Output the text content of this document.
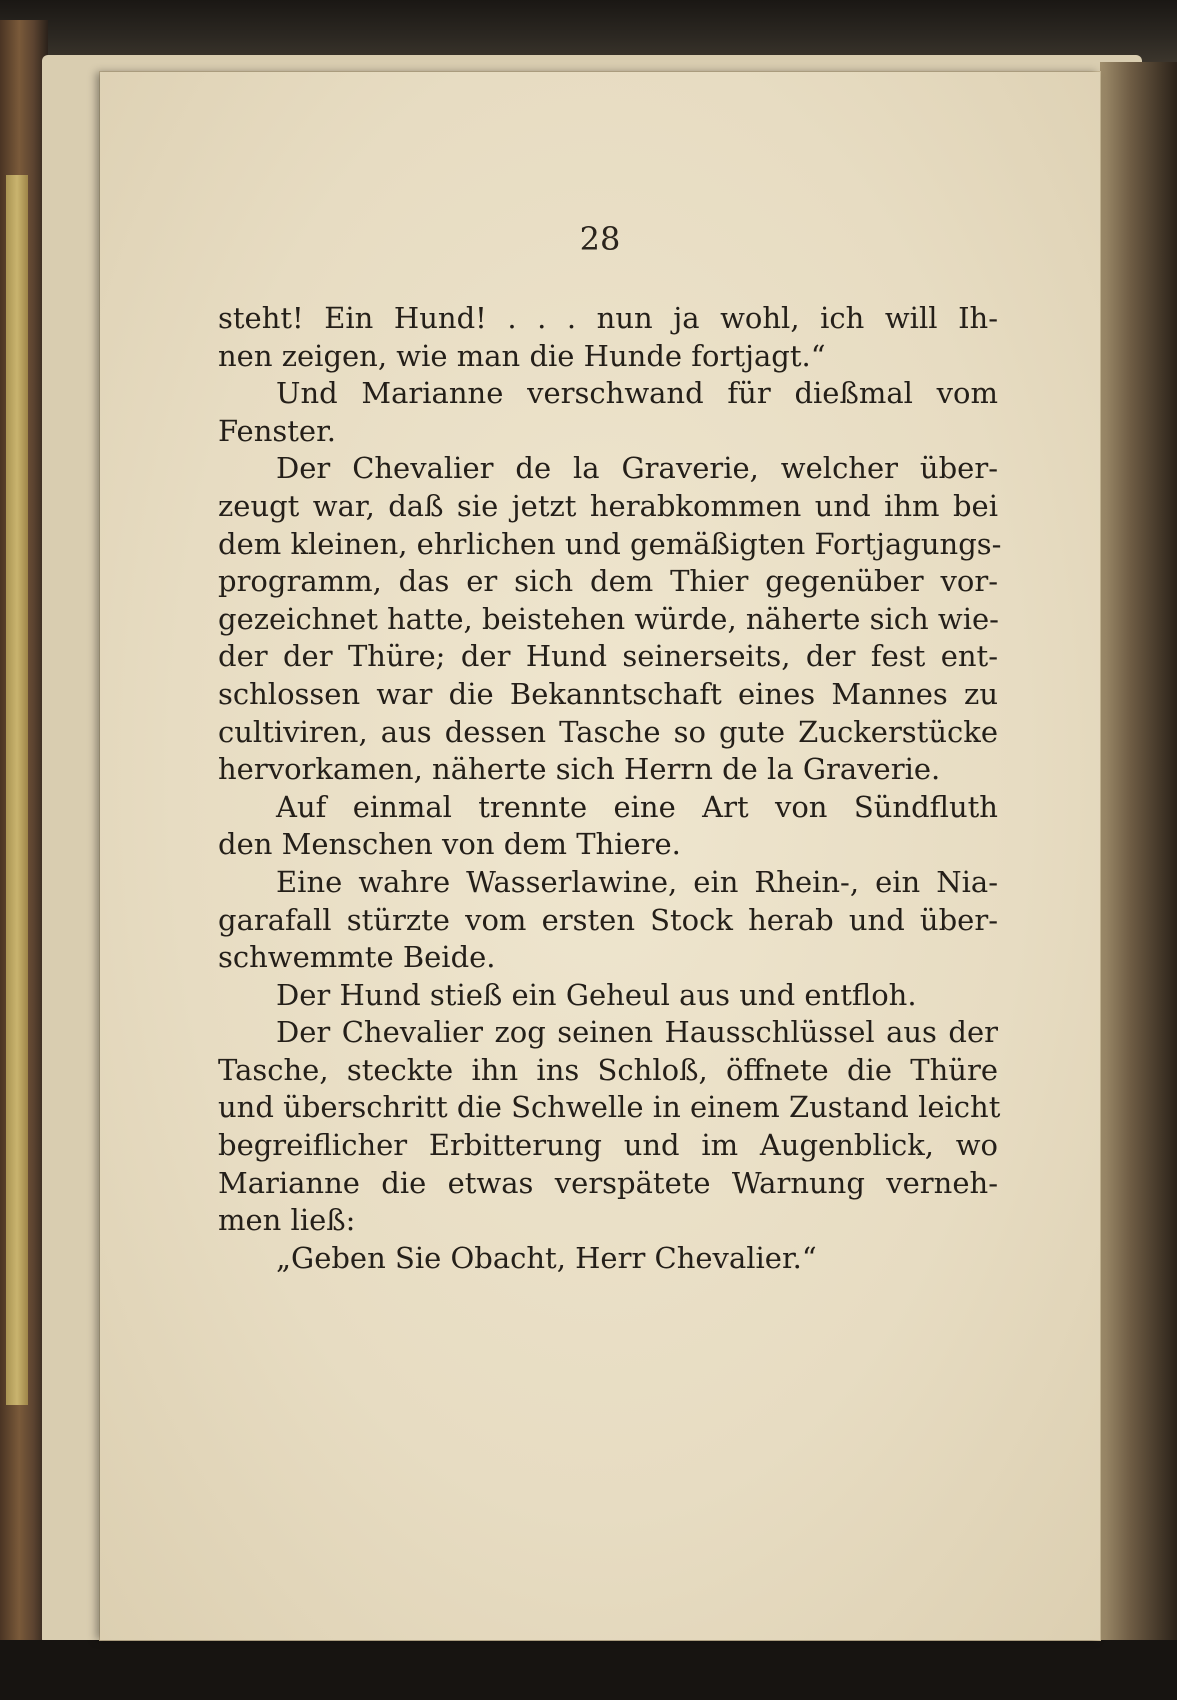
28
steht! Ein Hund! . . . nun ja wohl, ich will Ih-
nen zeigen, wie man die Hunde fortjagt.“
Und Marianne verschwand für dießmal vom
Fenster.
Der Chevalier de la Graverie, welcher über-
zeugt war, daß sie jetzt herabkommen und ihm bei
dem kleinen, ehrlichen und gemäßigten Fortjagungs-
programm, das er sich dem Thier gegenüber vor-
gezeichnet hatte, beistehen würde, näherte sich wie-
der der Thüre; der Hund seinerseits, der fest ent-
schlossen war die Bekanntschaft eines Mannes zu
cultiviren, aus dessen Tasche so gute Zuckerstücke
hervorkamen, näherte sich Herrn de la Graverie.
Auf einmal trennte eine Art von Sündfluth
den Menschen von dem Thiere.
Eine wahre Wasserlawine, ein Rhein-, ein Nia-
garafall stürzte vom ersten Stock herab und über-
schwemmte Beide.
Der Hund stieß ein Geheul aus und entfloh.
Der Chevalier zog seinen Hausschlüssel aus der
Tasche, steckte ihn ins Schloß, öffnete die Thüre
und überschritt die Schwelle in einem Zustand leicht
begreiflicher Erbitterung und im Augenblick, wo
Marianne die etwas verspätete Warnung verneh-
men ließ:
„Geben Sie Obacht, Herr Chevalier.“
